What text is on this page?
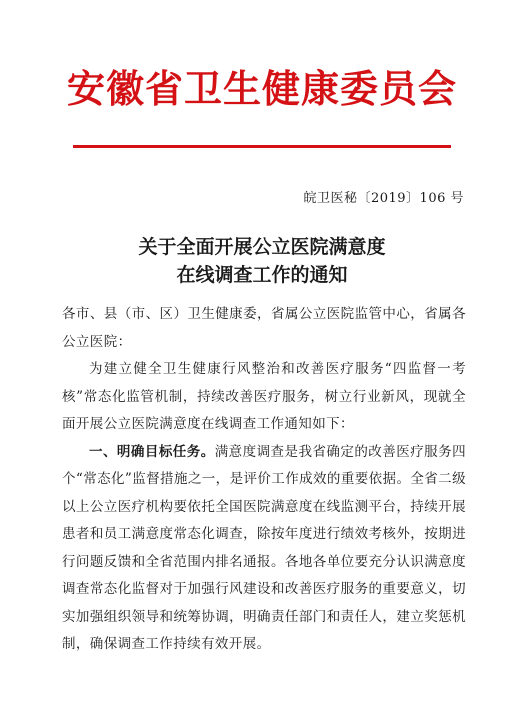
安徽省卫生健康委员会
皖卫医秘〔2019〕106 号
关于全面开展公立医院满意度
在线调查工作的通知

各市、县（市、区）卫生健康委，省属公立医院监管中心，省属各公立医院：

为建立健全卫生健康行风整治和改善医疗服务“四监督一考核”常态化监管机制，持续改善医疗服务，树立行业新风，现就全面开展公立医院满意度在线调查工作通知如下：

一、明确目标任务。满意度调查是我省确定的改善医疗服务四个“常态化”监督措施之一，是评价工作成效的重要依据。全省二级以上公立医疗机构要依托全国医院满意度在线监测平台，持续开展患者和员工满意度常态化调查，除按年度进行绩效考核外，按期进行问题反馈和全省范围内排名通报。各地各单位要充分认识满意度调查常态化监督对于加强行风建设和改善医疗服务的重要意义，切实加强组织领导和统筹协调，明确责任部门和责任人，建立奖惩机制，确保调查工作持续有效开展。
